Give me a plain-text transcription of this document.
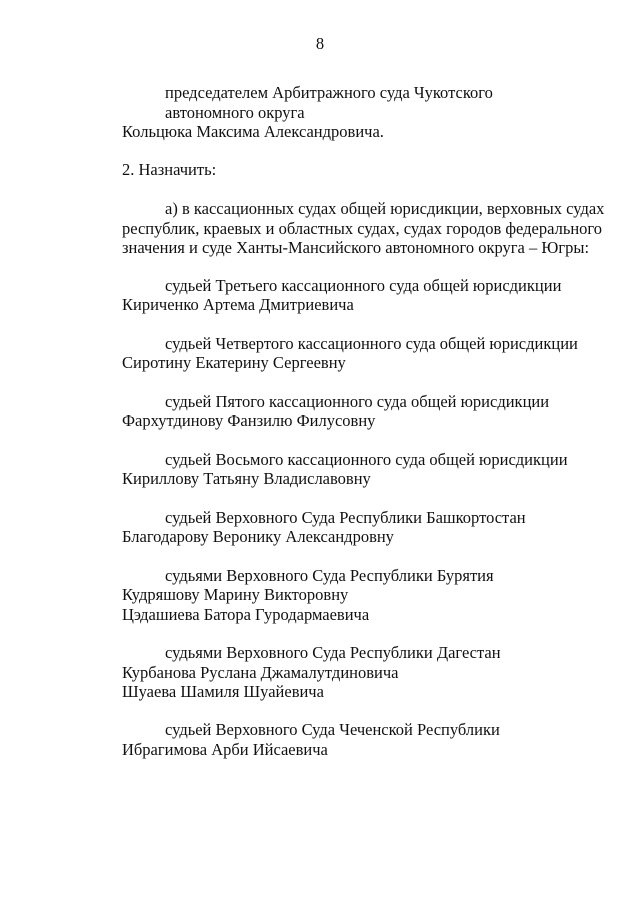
8
председателем Арбитражного суда Чукотского
автономного округа
Кольцюка Максима Александровича.
2. Назначить:
а) в кассационных судах общей юрисдикции, верховных судах
республик, краевых и областных судах, судах городов федерального
значения и суде Ханты-Мансийского автономного округа – Югры:
судьей Третьего кассационного суда общей юрисдикции
Кириченко Артема Дмитриевича
судьей Четвертого кассационного суда общей юрисдикции
Сиротину Екатерину Сергеевну
судьей Пятого кассационного суда общей юрисдикции
Фархутдинову Фанзилю Филусовну
судьей Восьмого кассационного суда общей юрисдикции
Кириллову Татьяну Владиславовну
судьей Верховного Суда Республики Башкортостан
Благодарову Веронику Александровну
судьями Верховного Суда Республики Бурятия
Кудряшову Марину Викторовну
Цэдашиева Батора Гуродармаевича
судьями Верховного Суда Республики Дагестан
Курбанова Руслана Джамалутдиновича
Шуаева Шамиля Шуайевича
судьей Верховного Суда Чеченской Республики
Ибрагимова Арби Ийсаевича
